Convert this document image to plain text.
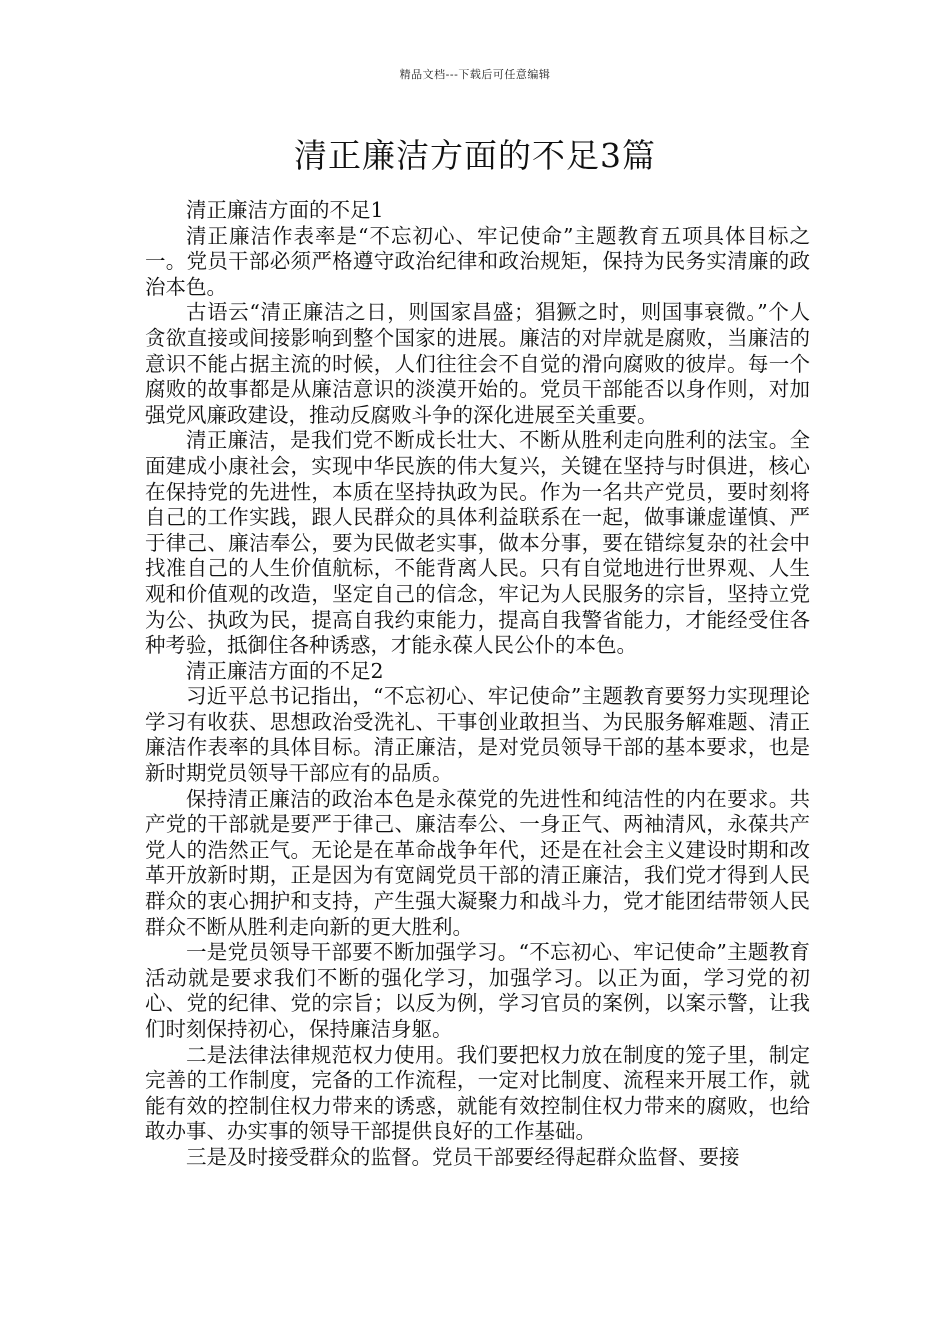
精品文档---下载后可任意编辑
清正廉洁方面的不足3篇

清正廉洁方面的不足1

清正廉洁作表率是“不忘初心、牢记使命”主题教育五项具体目标之一。党员干部必须严格遵守政治纪律和政治规矩，保持为民务实清廉的政治本色。

古语云“清正廉洁之日，则国家昌盛；猖獗之时，则国事衰微。”个人贪欲直接或间接影响到整个国家的进展。廉洁的对岸就是腐败，当廉洁的意识不能占据主流的时候，人们往往会不自觉的滑向腐败的彼岸。每一个腐败的故事都是从廉洁意识的淡漠开始的。党员干部能否以身作则，对加强党风廉政建设，推动反腐败斗争的深化进展至关重要。

清正廉洁，是我们党不断成长壮大、不断从胜利走向胜利的法宝。全面建成小康社会，实现中华民族的伟大复兴，关键在坚持与时俱进，核心在保持党的先进性，本质在坚持执政为民。作为一名共产党员，要时刻将自己的工作实践，跟人民群众的具体利益联系在一起，做事谦虚谨慎、严于律己、廉洁奉公，要为民做老实事，做本分事，要在错综复杂的社会中找准自己的人生价值航标，不能背离人民。只有自觉地进行世界观、人生观和价值观的改造，坚定自己的信念，牢记为人民服务的宗旨，坚持立党为公、执政为民，提高自我约束能力，提高自我警省能力，才能经受住各种考验，抵御住各种诱惑，才能永葆人民公仆的本色。

清正廉洁方面的不足2

习近平总书记指出，“不忘初心、牢记使命”主题教育要努力实现理论学习有收获、思想政治受洗礼、干事创业敢担当、为民服务解难题、清正廉洁作表率的具体目标。清正廉洁，是对党员领导干部的基本要求，也是新时期党员领导干部应有的品质。

保持清正廉洁的政治本色是永葆党的先进性和纯洁性的内在要求。共产党的干部就是要严于律己、廉洁奉公、一身正气、两袖清风，永葆共产党人的浩然正气。无论是在革命战争年代，还是在社会主义建设时期和改革开放新时期，正是因为有宽阔党员干部的清正廉洁，我们党才得到人民群众的衷心拥护和支持，产生强大凝聚力和战斗力，党才能团结带领人民群众不断从胜利走向新的更大胜利。

一是党员领导干部要不断加强学习。“不忘初心、牢记使命”主题教育活动就是要求我们不断的强化学习，加强学习。以正为面，学习党的初心、党的纪律、党的宗旨；以反为例，学习官员的案例，以案示警，让我们时刻保持初心，保持廉洁身躯。

二是法律法律规范权力使用。我们要把权力放在制度的笼子里，制定完善的工作制度，完备的工作流程，一定对比制度、流程来开展工作，就能有效的控制住权力带来的诱惑，就能有效控制住权力带来的腐败，也给敢办事、办实事的领导干部提供良好的工作基础。

三是及时接受群众的监督。党员干部要经得起群众监督、要接
